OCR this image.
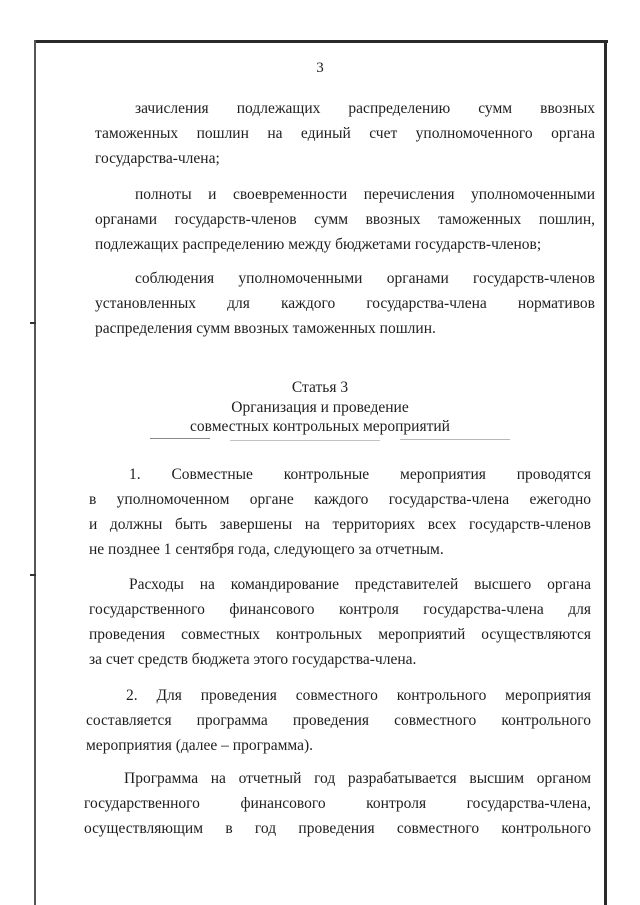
3
зачисления подлежащих распределению сумм ввозных
таможенных пошлин на единый счет уполномоченного органа
государства-члена;
полноты и своевременности перечисления уполномоченными
органами государств-членов сумм ввозных таможенных пошлин,
подлежащих распределению между бюджетами государств-членов;
соблюдения уполномоченными органами государств-членов
установленных для каждого государства-члена нормативов
распределения сумм ввозных таможенных пошлин.
Статья 3
Организация и проведение
совместных контрольных мероприятий
1. Совместные контрольные мероприятия проводятся
в уполномоченном органе каждого государства-члена ежегодно
и должны быть завершены на территориях всех государств-членов
не позднее 1 сентября года, следующего за отчетным.
Расходы на командирование представителей высшего органа
государственного финансового контроля государства-члена для
проведения совместных контрольных мероприятий осуществляются
за счет средств бюджета этого государства-члена.
2. Для проведения совместного контрольного мероприятия
составляется программа проведения совместного контрольного
мероприятия (далее – программа).
Программа на отчетный год разрабатывается высшим органом
государственного финансового контроля государства-члена,
осуществляющим в год проведения совместного контрольного
